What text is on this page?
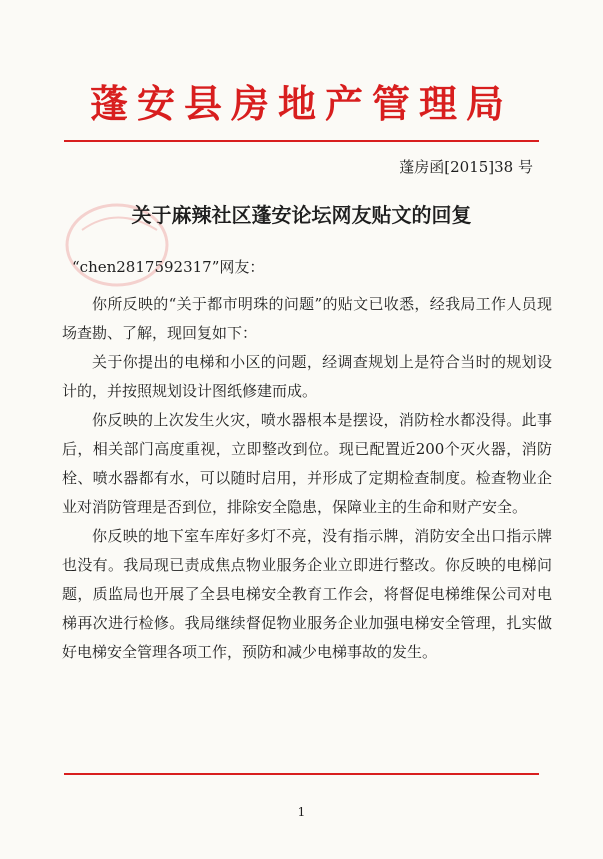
蓬安县房地产管理局
蓬房函[2015]38 号
关于麻辣社区蓬安论坛网友贴文的回复
“chen2817592317”网友：

你所反映的“关于都市明珠的问题”的贴文已收悉，经我局工作人员现场查勘、了解，现回复如下：

关于你提出的电梯和小区的问题，经调查规划上是符合当时的规划设计的，并按照规划设计图纸修建而成。

你反映的上次发生火灾，喷水器根本是摆设，消防栓水都没得。此事后，相关部门高度重视，立即整改到位。现已配置近200个灭火器，消防栓、喷水器都有水，可以随时启用，并形成了定期检查制度。检查物业企业对消防管理是否到位，排除安全隐患，保障业主的生命和财产安全。

你反映的地下室车库好多灯不亮，没有指示牌，消防安全出口指示牌也没有。我局现已责成焦点物业服务企业立即进行整改。你反映的电梯问题，质监局也开展了全县电梯安全教育工作会，将督促电梯维保公司对电梯再次进行检修。我局继续督促物业服务企业加强电梯安全管理，扎实做好电梯安全管理各项工作，预防和减少电梯事故的发生。

1
